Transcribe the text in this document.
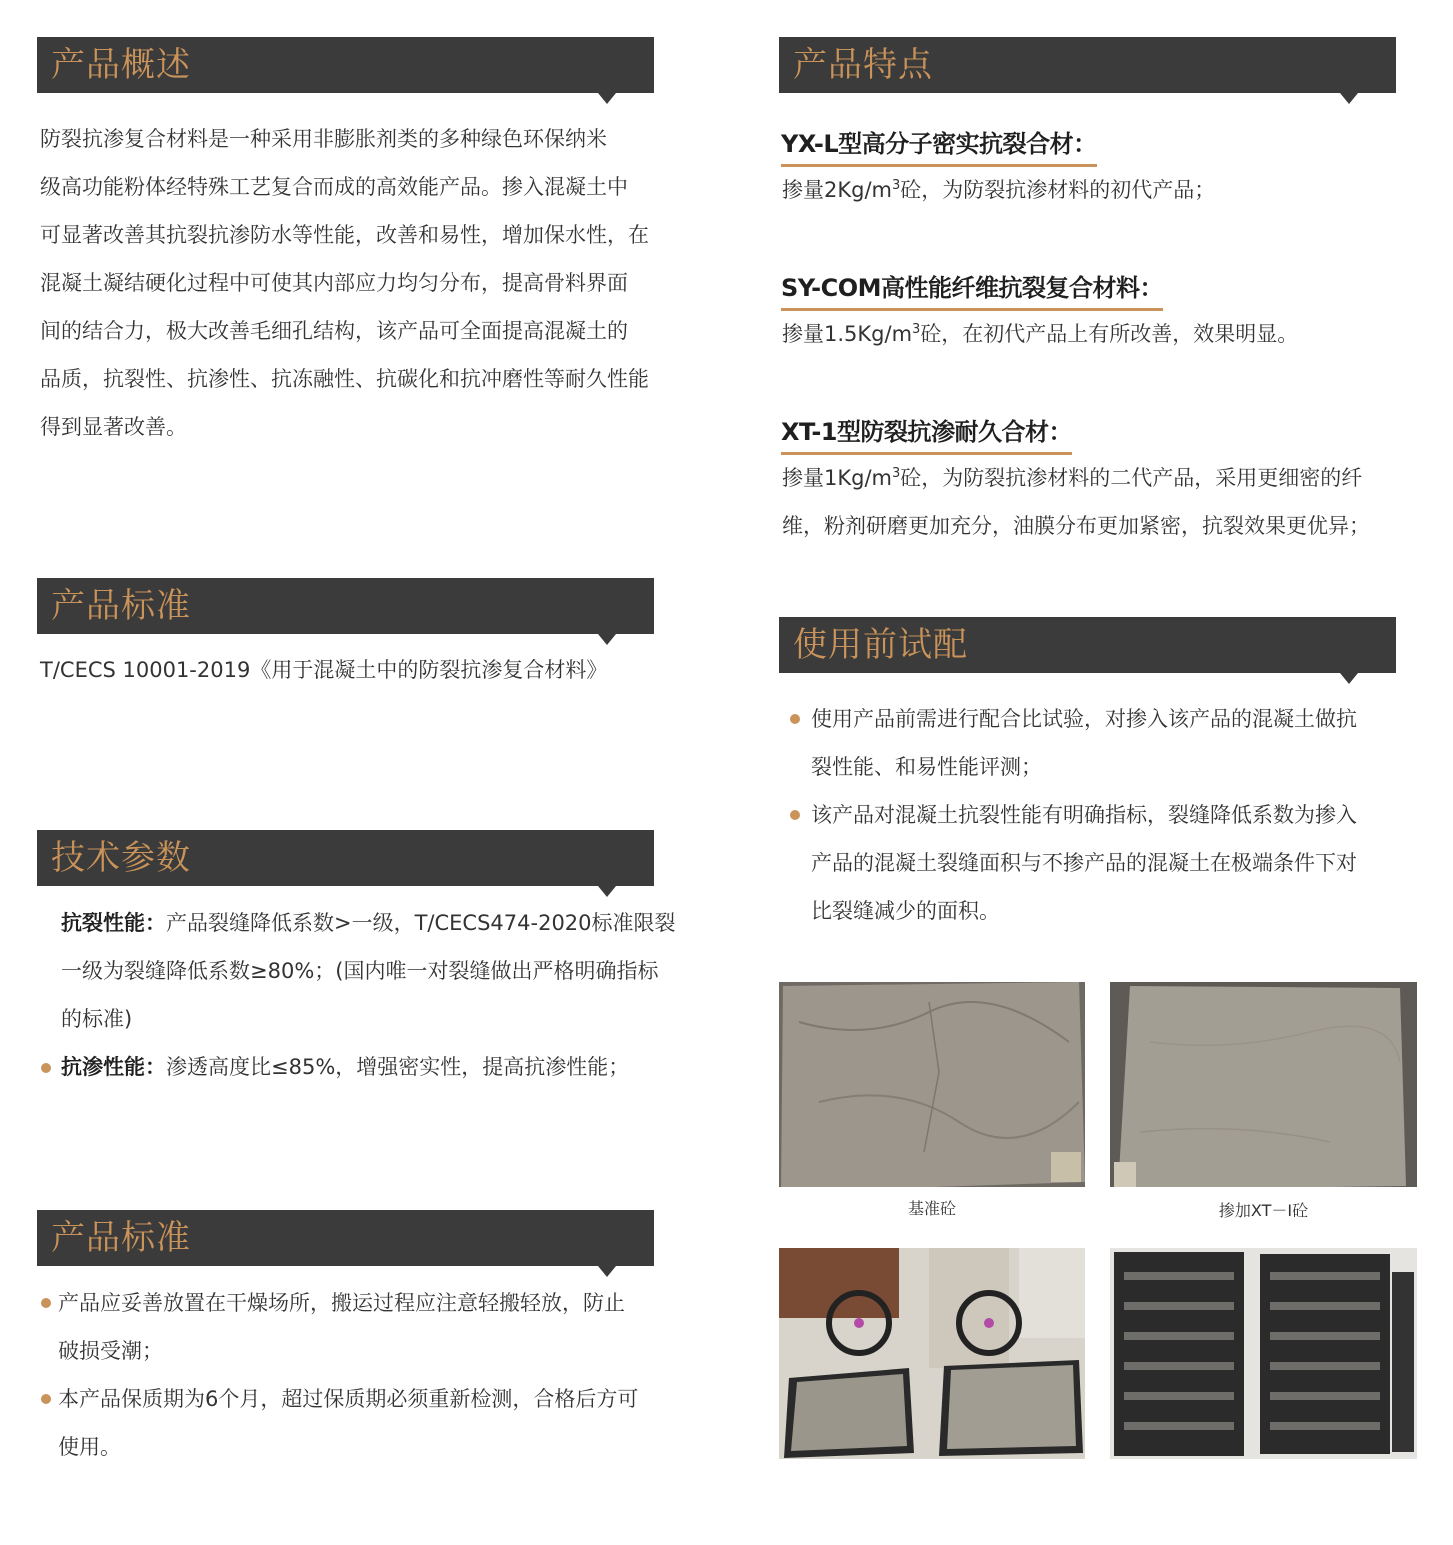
产品概述
防裂抗渗复合材料是一种采用非膨胀剂类的多种绿色环保纳米
级高功能粉体经特殊工艺复合而成的高效能产品。掺入混凝土中
可显著改善其抗裂抗渗防水等性能，改善和易性，增加保水性，在
混凝土凝结硬化过程中可使其内部应力均匀分布，提高骨料界面
间的结合力，极大改善毛细孔结构，该产品可全面提高混凝土的
品质，抗裂性、抗渗性、抗冻融性、抗碳化和抗冲磨性等耐久性能
得到显著改善。
产品标准
T/CECS 10001-2019《用于混凝土中的防裂抗渗复合材料》
技术参数
抗裂性能：产品裂缝降低系数>一级，T/CECS474-2020标准限裂
一级为裂缝降低系数≥80%；(国内唯一对裂缝做出严格明确指标
的标准)
抗渗性能：渗透高度比≤85%，增强密实性，提高抗渗性能；
产品标准
产品应妥善放置在干燥场所，搬运过程应注意轻搬轻放，防止
破损受潮；
本产品保质期为6个月，超过保质期必须重新检测，合格后方可
使用。
产品特点
YX-L型高分子密实抗裂合材：
掺量$2Kg/m^3$砼，为防裂抗渗材料的初代产品；
SY-COM高性能纤维抗裂复合材料：
掺量$1.5Kg/m^3$砼，在初代产品上有所改善，效果明显。
XT-1型防裂抗渗耐久合材：
掺量$1Kg/m^3$砼，为防裂抗渗材料的二代产品，采用更细密的纤
维，粉剂研磨更加充分，油膜分布更加紧密，抗裂效果更优异；
使用前试配
使用产品前需进行配合比试验，对掺入该产品的混凝土做抗
裂性能、和易性能评测；
该产品对混凝土抗裂性能有明确指标，裂缝降低系数为掺入
产品的混凝土裂缝面积与不掺产品的混凝土在极端条件下对
比裂缝减少的面积。
基准砼	掺加XT－I砼
